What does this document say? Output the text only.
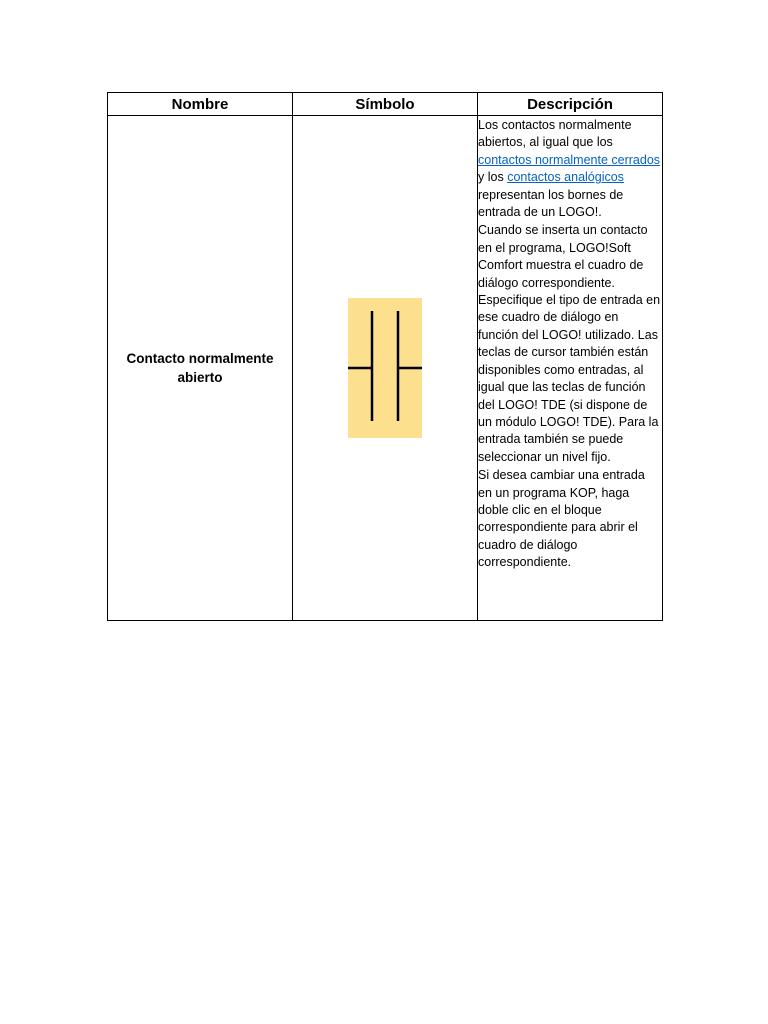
Nombre	Símbolo	Descripción
Contacto normalmente abierto		Los contactos normalmente abiertos, al igual que los contactos normalmente cerrados y los contactos analógicos representan los bornes de entrada de un LOGO!.
Cuando se inserta un contacto en el programa, LOGO!Soft Comfort muestra el cuadro de diálogo correspondiente. Especifique el tipo de entrada en ese cuadro de diálogo en función del LOGO! utilizado. Las teclas de cursor también están disponibles como entradas, al igual que las teclas de función del LOGO! TDE (si dispone de un módulo LOGO! TDE). Para la entrada también se puede seleccionar un nivel fijo.
Si desea cambiar una entrada en un programa KOP, haga doble clic en el bloque correspondiente para abrir el cuadro de diálogo correspondiente.
